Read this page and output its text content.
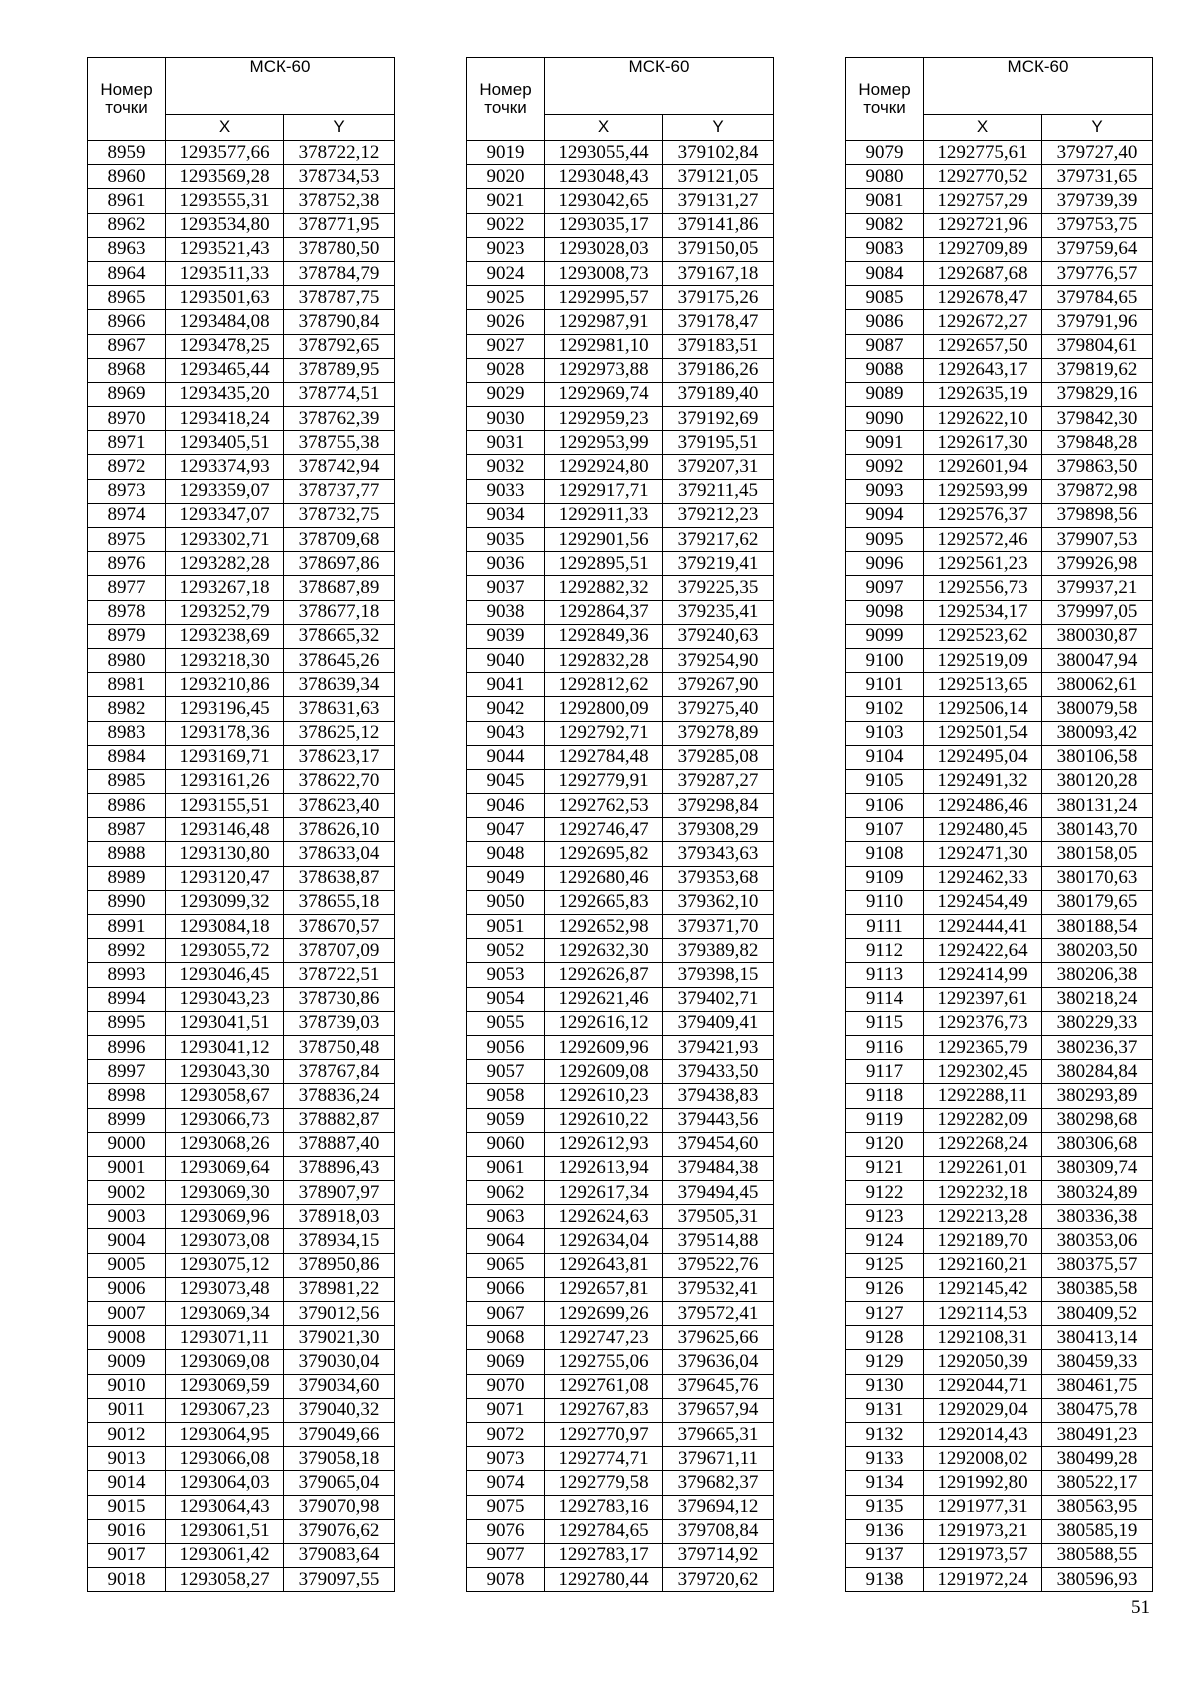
Номер точки	МСК-60	
	X	Y
8959	1293577,66	378722,12
8960	1293569,28	378734,53
8961	1293555,31	378752,38
8962	1293534,80	378771,95
8963	1293521,43	378780,50
8964	1293511,33	378784,79
8965	1293501,63	378787,75
8966	1293484,08	378790,84
8967	1293478,25	378792,65
8968	1293465,44	378789,95
8969	1293435,20	378774,51
8970	1293418,24	378762,39
8971	1293405,51	378755,38
8972	1293374,93	378742,94
8973	1293359,07	378737,77
8974	1293347,07	378732,75
8975	1293302,71	378709,68
8976	1293282,28	378697,86
8977	1293267,18	378687,89
8978	1293252,79	378677,18
8979	1293238,69	378665,32
8980	1293218,30	378645,26
8981	1293210,86	378639,34
8982	1293196,45	378631,63
8983	1293178,36	378625,12
8984	1293169,71	378623,17
8985	1293161,26	378622,70
8986	1293155,51	378623,40
8987	1293146,48	378626,10
8988	1293130,80	378633,04
8989	1293120,47	378638,87
8990	1293099,32	378655,18
8991	1293084,18	378670,57
8992	1293055,72	378707,09
8993	1293046,45	378722,51
8994	1293043,23	378730,86
8995	1293041,51	378739,03
8996	1293041,12	378750,48
8997	1293043,30	378767,84
8998	1293058,67	378836,24
8999	1293066,73	378882,87
9000	1293068,26	378887,40
9001	1293069,64	378896,43
9002	1293069,30	378907,97
9003	1293069,96	378918,03
9004	1293073,08	378934,15
9005	1293075,12	378950,86
9006	1293073,48	378981,22
9007	1293069,34	379012,56
9008	1293071,11	379021,30
9009	1293069,08	379030,04
9010	1293069,59	379034,60
9011	1293067,23	379040,32
9012	1293064,95	379049,66
9013	1293066,08	379058,18
9014	1293064,03	379065,04
9015	1293064,43	379070,98
9016	1293061,51	379076,62
9017	1293061,42	379083,64
9018	1293058,27	379097,55
Номер точки	МСК-60	
	X	Y
9019	1293055,44	379102,84
9020	1293048,43	379121,05
9021	1293042,65	379131,27
9022	1293035,17	379141,86
9023	1293028,03	379150,05
9024	1293008,73	379167,18
9025	1292995,57	379175,26
9026	1292987,91	379178,47
9027	1292981,10	379183,51
9028	1292973,88	379186,26
9029	1292969,74	379189,40
9030	1292959,23	379192,69
9031	1292953,99	379195,51
9032	1292924,80	379207,31
9033	1292917,71	379211,45
9034	1292911,33	379212,23
9035	1292901,56	379217,62
9036	1292895,51	379219,41
9037	1292882,32	379225,35
9038	1292864,37	379235,41
9039	1292849,36	379240,63
9040	1292832,28	379254,90
9041	1292812,62	379267,90
9042	1292800,09	379275,40
9043	1292792,71	379278,89
9044	1292784,48	379285,08
9045	1292779,91	379287,27
9046	1292762,53	379298,84
9047	1292746,47	379308,29
9048	1292695,82	379343,63
9049	1292680,46	379353,68
9050	1292665,83	379362,10
9051	1292652,98	379371,70
9052	1292632,30	379389,82
9053	1292626,87	379398,15
9054	1292621,46	379402,71
9055	1292616,12	379409,41
9056	1292609,96	379421,93
9057	1292609,08	379433,50
9058	1292610,23	379438,83
9059	1292610,22	379443,56
9060	1292612,93	379454,60
9061	1292613,94	379484,38
9062	1292617,34	379494,45
9063	1292624,63	379505,31
9064	1292634,04	379514,88
9065	1292643,81	379522,76
9066	1292657,81	379532,41
9067	1292699,26	379572,41
9068	1292747,23	379625,66
9069	1292755,06	379636,04
9070	1292761,08	379645,76
9071	1292767,83	379657,94
9072	1292770,97	379665,31
9073	1292774,71	379671,11
9074	1292779,58	379682,37
9075	1292783,16	379694,12
9076	1292784,65	379708,84
9077	1292783,17	379714,92
9078	1292780,44	379720,62
Номер точки	МСК-60	
	X	Y
9079	1292775,61	379727,40
9080	1292770,52	379731,65
9081	1292757,29	379739,39
9082	1292721,96	379753,75
9083	1292709,89	379759,64
9084	1292687,68	379776,57
9085	1292678,47	379784,65
9086	1292672,27	379791,96
9087	1292657,50	379804,61
9088	1292643,17	379819,62
9089	1292635,19	379829,16
9090	1292622,10	379842,30
9091	1292617,30	379848,28
9092	1292601,94	379863,50
9093	1292593,99	379872,98
9094	1292576,37	379898,56
9095	1292572,46	379907,53
9096	1292561,23	379926,98
9097	1292556,73	379937,21
9098	1292534,17	379997,05
9099	1292523,62	380030,87
9100	1292519,09	380047,94
9101	1292513,65	380062,61
9102	1292506,14	380079,58
9103	1292501,54	380093,42
9104	1292495,04	380106,58
9105	1292491,32	380120,28
9106	1292486,46	380131,24
9107	1292480,45	380143,70
9108	1292471,30	380158,05
9109	1292462,33	380170,63
9110	1292454,49	380179,65
9111	1292444,41	380188,54
9112	1292422,64	380203,50
9113	1292414,99	380206,38
9114	1292397,61	380218,24
9115	1292376,73	380229,33
9116	1292365,79	380236,37
9117	1292302,45	380284,84
9118	1292288,11	380293,89
9119	1292282,09	380298,68
9120	1292268,24	380306,68
9121	1292261,01	380309,74
9122	1292232,18	380324,89
9123	1292213,28	380336,38
9124	1292189,70	380353,06
9125	1292160,21	380375,57
9126	1292145,42	380385,58
9127	1292114,53	380409,52
9128	1292108,31	380413,14
9129	1292050,39	380459,33
9130	1292044,71	380461,75
9131	1292029,04	380475,78
9132	1292014,43	380491,23
9133	1292008,02	380499,28
9134	1291992,80	380522,17
9135	1291977,31	380563,95
9136	1291973,21	380585,19
9137	1291973,57	380588,55
9138	1291972,24	380596,93
51
